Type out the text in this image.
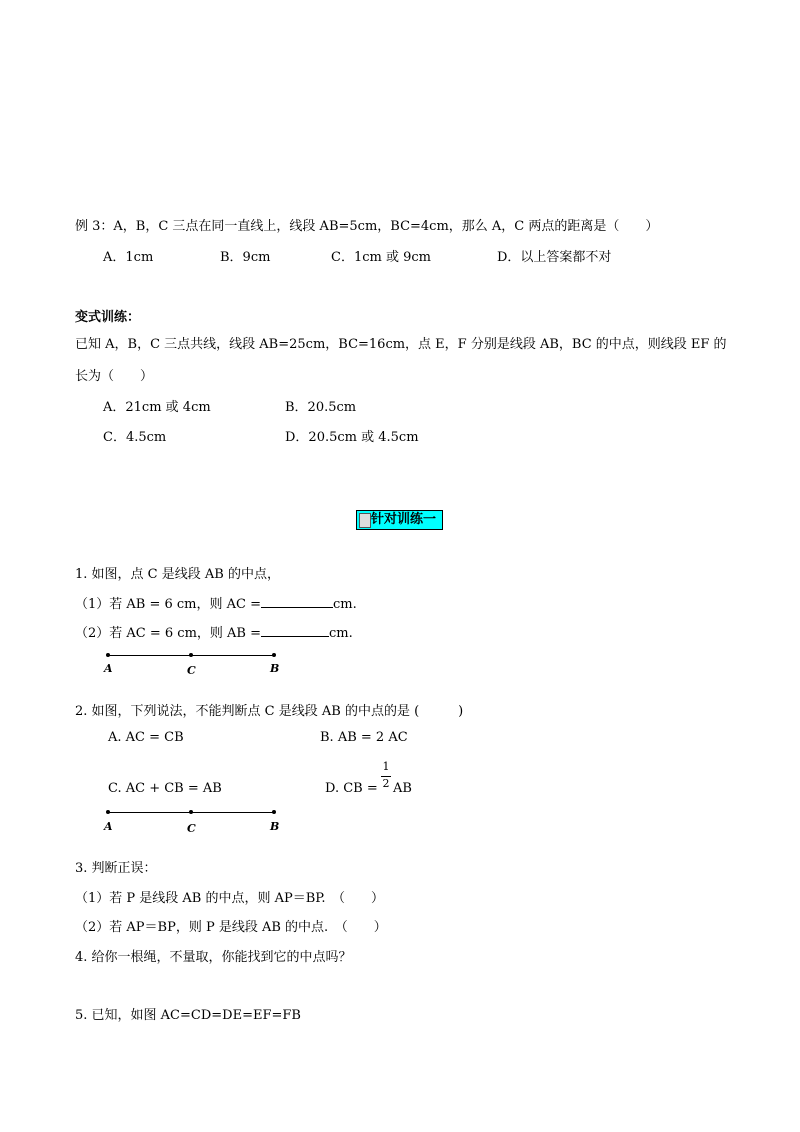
例 3：A，B，C 三点在同一直线上，线段 AB=5cm，BC=4cm，那么 A，C 两点的距离是（　　）
A．1cm	B．9cm	C．1cm 或 9cm	D．以上答案都不对
变式训练：
已知 A，B，C 三点共线，线段 AB=25cm，BC=16cm，点 E，F 分别是线段 AB，BC 的中点，则线段 EF 的
长为（　　）
A．21cm 或 4cm	B．20.5cm
C．4.5cm	D．20.5cm 或 4.5cm
针对训练一
1. 如图，点 C 是线段 AB 的中点，
（1）若 AB = 6 cm，则 AC =	cm.
（2）若 AC = 6 cm，则 AB =	cm.
A	C	B
2. 如图，下列说法，不能判断点 C 是线段 AB 的中点的是 (　　　)
A. AC = CB	B. AB = 2 AC
C. AC + CB = AB	D. CB =
1
2 AB
A	C	B
3. 判断正误：
（1）若 P 是线段 AB 的中点，则 AP＝BP.　（　　）
（2）若 AP＝BP，则 P 是线段 AB 的中点.　（　　）
4. 给你一根绳，不量取，你能找到它的中点吗？
5. 已知，如图 AC=CD=DE=EF=FB
